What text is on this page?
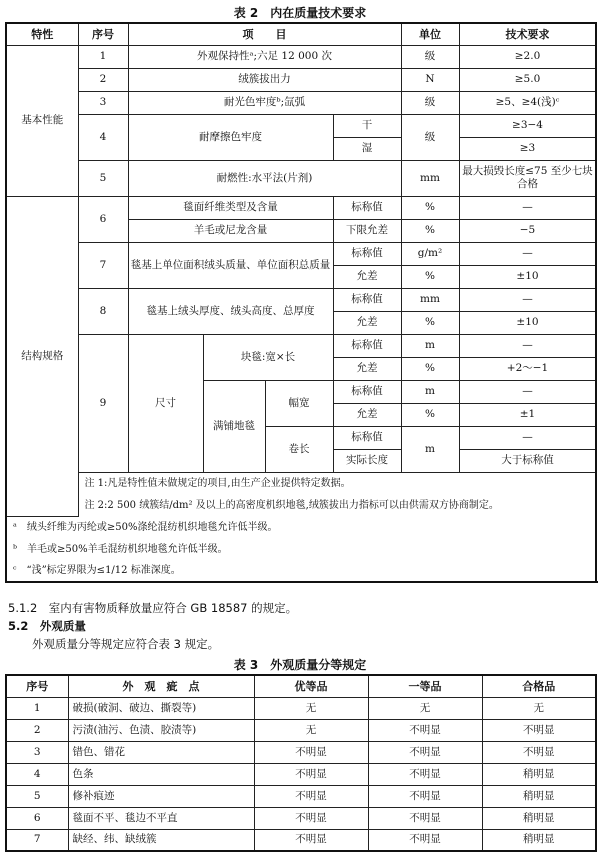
表 2　内在质量技术要求
特性	序号	项　　目				单位	技术要求
基本性能	1	外观保持性ᵃ;六足 12 000 次				级	≥2.0
	2	绒簇拔出力				N	≥5.0
	3	耐光色牢度ᵇ;氙弧				级	≥5、≥4(浅)ᶜ
	4	耐摩擦色牢度			干	级	≥3−4
					湿		≥3
	5	耐燃性:水平法(片剂)				mm	最大损毁长度≤75 至少七块合格
结构规格	6	毯面纤维类型及含量			标称值	%	—
		羊毛或尼龙含量			下限允差	%	−5
	7	毯基上单位面积绒头质量、单位面积总质量			标称值	g/m²	—
					允差	%	±10
	8	毯基上绒头厚度、绒头高度、总厚度			标称值	mm	—
					允差	%	±10
	9	尺寸	块毯:宽×长		标称值	m	—
					允差	%	+2～−1
			满铺地毯	幅宽	标称值	m	—
					允差	%	±1
				卷长	标称值	m	—
					实际长度		大于标称值
	注 1:凡是特性值未做规定的项目,由生产企业提供特定数据。						
	注 2:2 500 绒簇结/dm² 及以上的高密度机织地毯,绒簇拔出力指标可以由供需双方协商制定。						
ᵃ　绒头纤维为丙纶或≥50%涤纶混纺机织地毯允许低半级。							
ᵇ　羊毛或≥50%羊毛混纺机织地毯允许低半级。							
ᶜ　“浅”标定界限为≤1/12 标准深度。							
5.1.2　室内有害物质释放量应符合 GB 18587 的规定。
5.2　外观质量
外观质量分等规定应符合表 3 规定。
表 3　外观质量分等规定
序号	外　观　疵　点	优等品	一等品	合格品
1	破损(破洞、破边、撕裂等)	无	无	无
2	污渍(油污、色渍、胶渍等)	无	不明显	不明显
3	错色、错花	不明显	不明显	不明显
4	色条	不明显	不明显	稍明显
5	修补痕迹	不明显	不明显	稍明显
6	毯面不平、毯边不平直	不明显	不明显	稍明显
7	缺经、纬、缺绒簇	不明显	不明显	稍明显
